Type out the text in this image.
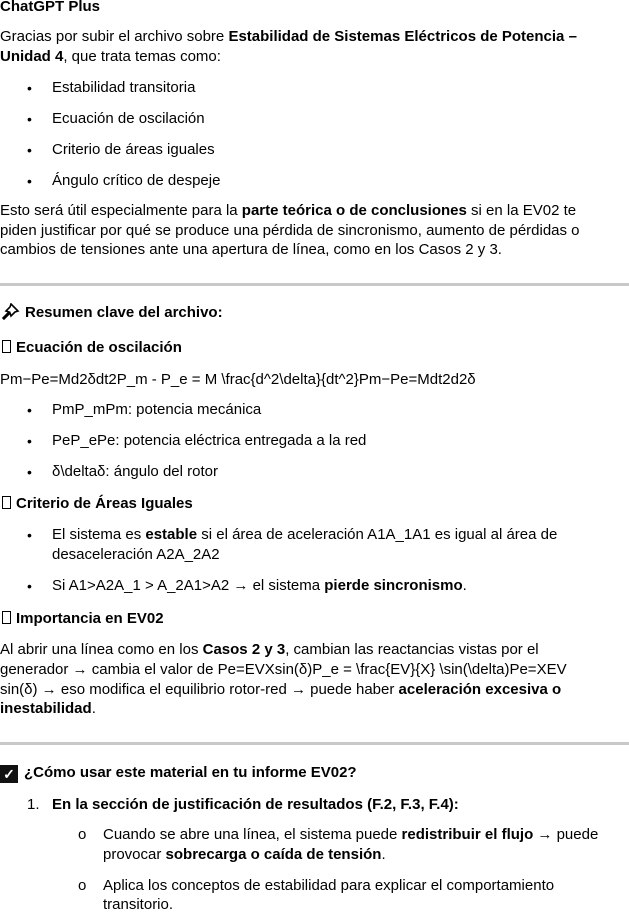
ChatGPT Plus
Gracias por subir el archivo sobre Estabilidad de Sistemas Eléctricos de Potencia –
Unidad 4, que trata temas como:
• Estabilidad transitoria
• Ecuación de oscilación
• Criterio de áreas iguales
• Ángulo crítico de despeje
Esto será útil especialmente para la parte teórica o de conclusiones si en la EV02 te
piden justificar por qué se produce una pérdida de sincronismo, aumento de pérdidas o
cambios de tensiones ante una apertura de línea, como en los Casos 2 y 3.
Resumen clave del archivo:
Ecuación de oscilación
Pm−Pe=Md2δdt2P_m - P_e = M \frac{d^2\delta}{dt^2}Pm−Pe=Mdt2d2δ
• PmP_mPm: potencia mecánica
• PeP_ePe: potencia eléctrica entregada a la red
• δ\deltaδ: ángulo del rotor
Criterio de Áreas Iguales
• El sistema es estable si el área de aceleración A1A_1A1 es igual al área de
desaceleración A2A_2A2
• Si A1>A2A_1 > A_2A1>A2 → el sistema pierde sincronismo.
Importancia en EV02
Al abrir una línea como en los Casos 2 y 3, cambian las reactancias vistas por el
generador → cambia el valor de Pe=EVXsin(δ)P_e = \frac{EV}{X} \sin(\delta)Pe=XEV
sin(δ) → eso modifica el equilibrio rotor-red → puede haber aceleración excesiva o
inestabilidad.
✓ ¿Cómo usar este material en tu informe EV02?
1. En la sección de justificación de resultados (F.2, F.3, F.4):
o Cuando se abre una línea, el sistema puede redistribuir el flujo → puede
provocar sobrecarga o caída de tensión.
o Aplica los conceptos de estabilidad para explicar el comportamiento
transitorio.
